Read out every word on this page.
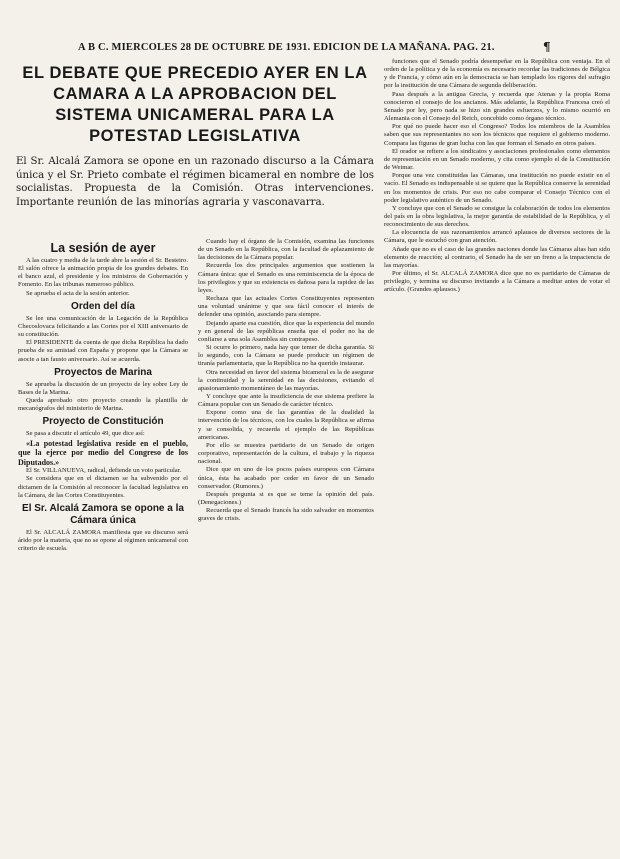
A B C. MIERCOLES 28 DE OCTUBRE DE 1931. EDICION DE LA MAÑANA. PAG. 21.	¶
EL DEBATE QUE PRECEDIO AYER EN LA CAMARA A LA APROBACION DEL SISTEMA UNICAMERAL PARA LA POTESTAD LEGISLATIVA
El Sr. Alcalá Zamora se opone en un razonado discurso a la Cámara única y el Sr. Prieto combate el régimen bicameral en nombre de los socialistas. Propuesta de la Comisión. Otras intervenciones. Importante reunión de las minorías agraria y vasconavarra.
La sesión de ayer

A las cuatro y media de la tarde abre la sesión el Sr. Besteiro. El salón ofrece la animación propia de los grandes debates. En el banco azul, el presidente y los ministros de Gobernación y Fomento. En las tribunas numeroso público.

Se aprueba el acta de la sesión anterior.

Orden del día

Se lee una comunicación de la Legación de la República Checoslovaca felicitando a las Cortes por el XIII aniversario de su constitución.

El PRESIDENTE da cuenta de que dicha República ha dado prueba de su amistad con España y propone que la Cámara se asocie a tan fausto aniversario. Así se acuerda.

Proyectos de Marina

Se aprueba la discusión de un proyecto de ley sobre Ley de Bases de la Marina.

Queda aprobado otro proyecto creando la plantilla de mecanógrafos del ministerio de Marina.

Proyecto de Constitución

Se pasa a discutir el artículo 49, que dice así:

«La potestad legislativa reside en el pueblo, que la ejerce por medio del Congreso de los Diputados.»

El Sr. VILLANUEVA, radical, defiende un voto particular.

Se considera que en el dictamen se ha subvenido por el dictamen de la Comisión al reconocer la facultad legislativa en la Cámara, de las Cortes Constituyentes.

El Sr. Alcalá Zamora se opone a la Cámara única

El Sr. ALCALÁ ZAMORA manifiesta que su discurso será árido por la materia, que no se opone al régimen unicameral con criterio de escuela.

Cuando hay el órgano de la Comisión, examina las funciones de un Senado en la República, con la facultad de aplazamiento de las decisiones de la Cámara popular.

Recuerda los dos principales argumentos que sostienen la Cámara única: que el Senado es una reminiscencia de la época de los privilegios y que su existencia es dañosa para la rapidez de las leyes.

Rechaza que las actuales Cortes Constituyentes representen una voluntad unánime y que sea fácil conocer el interés de defender una opinión, asociando para siempre.

Dejando aparte esa cuestión, dice que la experiencia del mundo y en general de las repúblicas enseña que el poder no ha de confiarse a una sola Asamblea sin contrapeso.

Si ocurre lo primero, nada hay que temer de dicha garantía. Si lo segundo, con la Cámara se puede producir un régimen de tiranía parlamentaria, que la República no ha querido instaurar.

Otra necesidad en favor del sistema bicameral es la de asegurar la continuidad y la serenidad en las decisiones, evitando el apasionamiento momentáneo de las mayorías.

Y concluye que ante la insuficiencia de ese sistema prefiere la Cámara popular con un Senado de carácter técnico.

Expone como una de las garantías de la dualidad la intervención de los técnicos, con los cuales la República se afirma y se consolida, y recuerda el ejemplo de las Repúblicas americanas.

Por ello se muestra partidario de un Senado de origen corporativo, representación de la cultura, el trabajo y la riqueza nacional.

Dice que en uno de los pocos países europeos con Cámara única, ésta ha acabado por ceder en favor de un Senado conservador. (Rumores.)

Después pregunta si es que se teme la opinión del país. (Denegaciones.)

Recuerda que el Senado francés ha sido salvador en momentos graves de crisis.

funciones que el Senado podría desempeñar en la República con ventaja. En el orden de la política y de la economía es necesario recordar las tradiciones de Bélgica y de Francia, y cómo aún en la democracia se han templado los rigores del sufragio por la institución de una Cámara de segunda deliberación.

Pasa después a la antigua Grecia, y recuerda que Atenas y la propia Roma conocieron el consejo de los ancianos. Más adelante, la República Francesa creó el Senado por ley, pero nada se hizo sin grandes esfuerzos, y lo mismo ocurrió en Alemania con el Consejo del Reich, concebido como órgano técnico.

Por qué no puede hacer eso el Congreso? Todos los miembros de la Asamblea saben que sus representantes no son los técnicos que requiere el gobierno moderno. Compara las figuras de gran lucha con las que forman el Senado en otros países.

El orador se refiere a los sindicatos y asociaciones profesionales como elementos de representación en un Senado moderno, y cita como ejemplo el de la Constitución de Weimar.

Porque una vez constituidas las Cámaras, una institución no puede existir en el vacío. El Senado es indispensable si se quiere que la República conserve la serenidad en los momentos de crisis. Por eso no cabe comparar el Consejo Técnico con el poder legislativo auténtico de un Senado.

Y concluye que con el Senado se consigue la colaboración de todos los elementos del país en la obra legislativa, la mejor garantía de estabilidad de la República, y el reconocimiento de sus derechos.

La elocuencia de sus razonamientos arrancó aplausos de diversos sectores de la Cámara, que le escuchó con gran atención.

Añade que no es el caso de las grandes naciones donde las Cámaras altas han sido elemento de reacción; al contrario, el Senado ha de ser un freno a la impaciencia de las mayorías.

Por último, el Sr. ALCALÁ ZAMORA dice que no es partidario de Cámaras de privilegio, y termina su discurso invitando a la Cámara a meditar antes de votar el artículo. (Grandes aplausos.)
